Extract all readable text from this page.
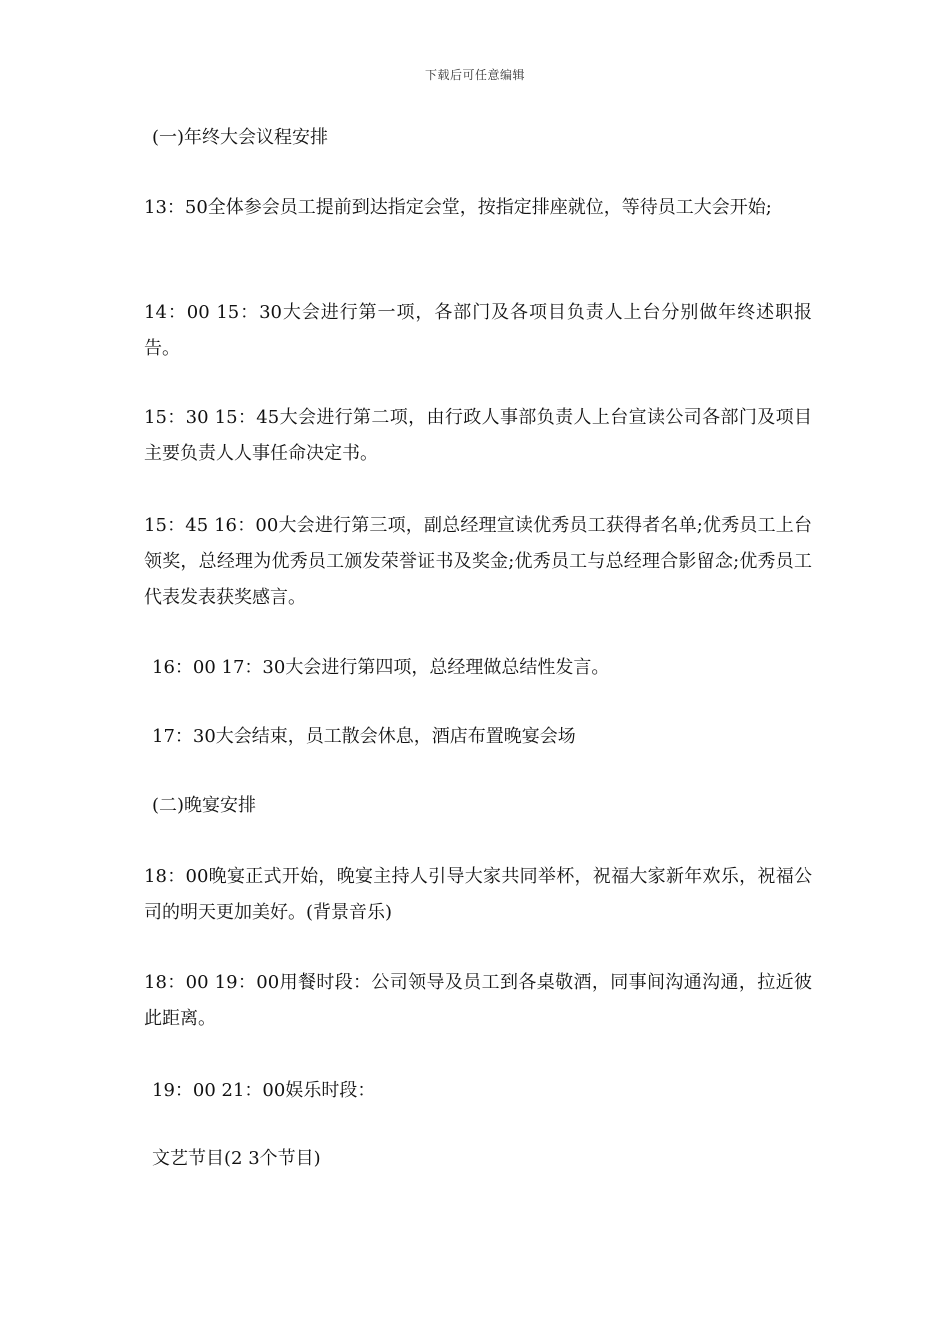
下载后可任意编辑

(一)年终大会议程安排

13：50全体参会员工提前到达指定会堂，按指定排座就位，等待员工大会开始;

14：00 15：30大会进行第一项，各部门及各项目负责人上台分别做年终述职报告。

15：30 15：45大会进行第二项，由行政人事部负责人上台宣读公司各部门及项目主要负责人人事任命决定书。

15：45 16：00大会进行第三项，副总经理宣读优秀员工获得者名单;优秀员工上台领奖，总经理为优秀员工颁发荣誉证书及奖金;优秀员工与总经理合影留念;优秀员工代表发表获奖感言。

16：00 17：30大会进行第四项，总经理做总结性发言。

17：30大会结束，员工散会休息，酒店布置晚宴会场

(二)晚宴安排

18：00晚宴正式开始，晚宴主持人引导大家共同举杯，祝福大家新年欢乐，祝福公司的明天更加美好。(背景音乐)

18：00 19：00用餐时段：公司领导及员工到各桌敬酒，同事间沟通沟通，拉近彼此距离。

19：00 21：00娱乐时段：

文艺节目(2 3个节目)
